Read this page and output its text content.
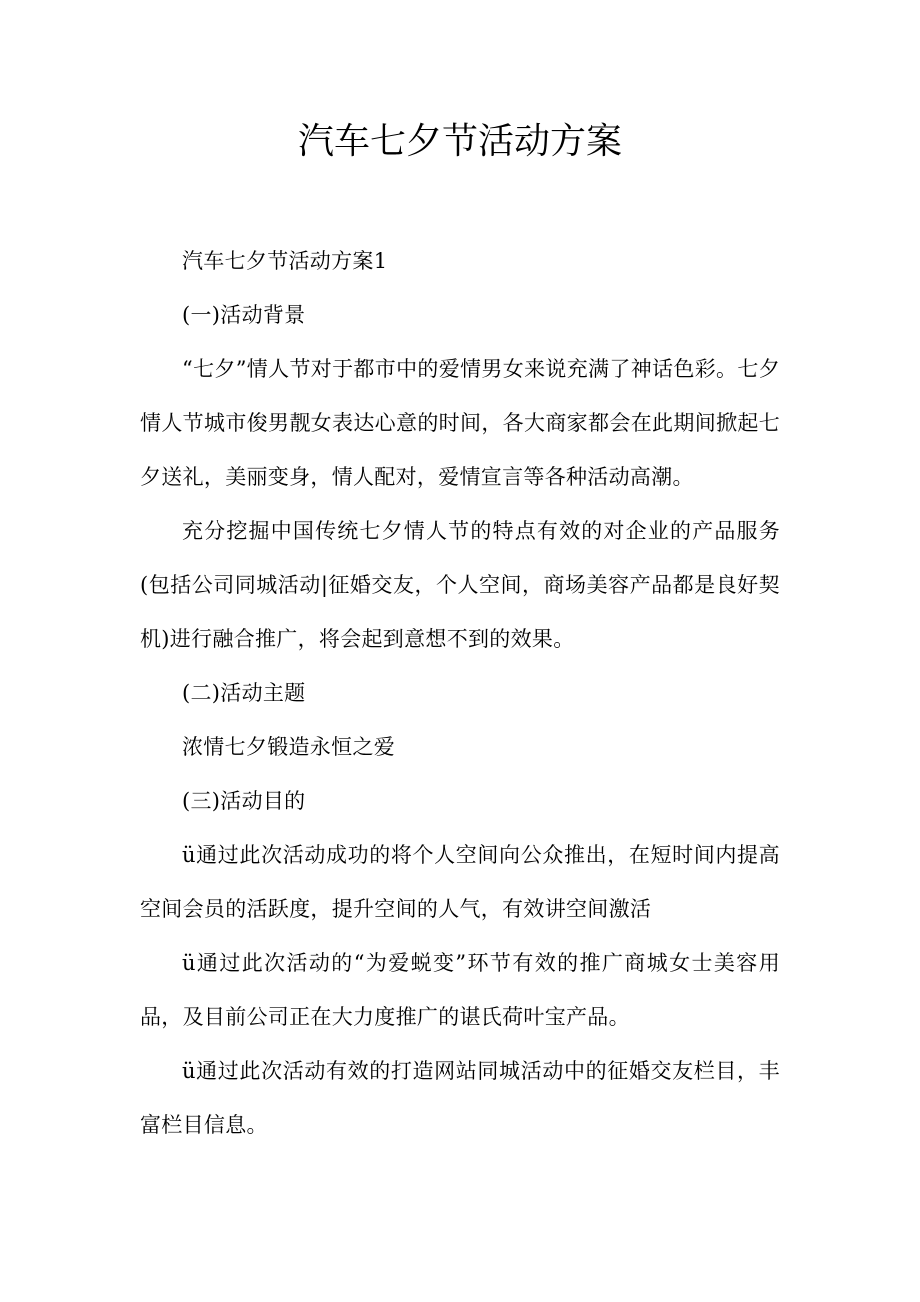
汽车七夕节活动方案

汽车七夕节活动方案1

(一)活动背景

“七夕”情人节对于都市中的爱情男女来说充满了神话色彩。七夕情人节城市俊男靓女表达心意的时间，各大商家都会在此期间掀起七夕送礼，美丽变身，情人配对，爱情宣言等各种活动高潮。

充分挖掘中国传统七夕情人节的特点有效的对企业的产品服务(包括公司同城活动|征婚交友，个人空间，商场美容产品都是良好契机)进行融合推广，将会起到意想不到的效果。

(二)活动主题

浓情七夕锻造永恒之爱

(三)活动目的

ü通过此次活动成功的将个人空间向公众推出，在短时间内提高空间会员的活跃度，提升空间的人气，有效讲空间激活

ü通过此次活动的“为爱蜕变”环节有效的推广商城女士美容用品，及目前公司正在大力度推广的谌氏荷叶宝产品。

ü通过此次活动有效的打造网站同城活动中的征婚交友栏目，丰富栏目信息。
